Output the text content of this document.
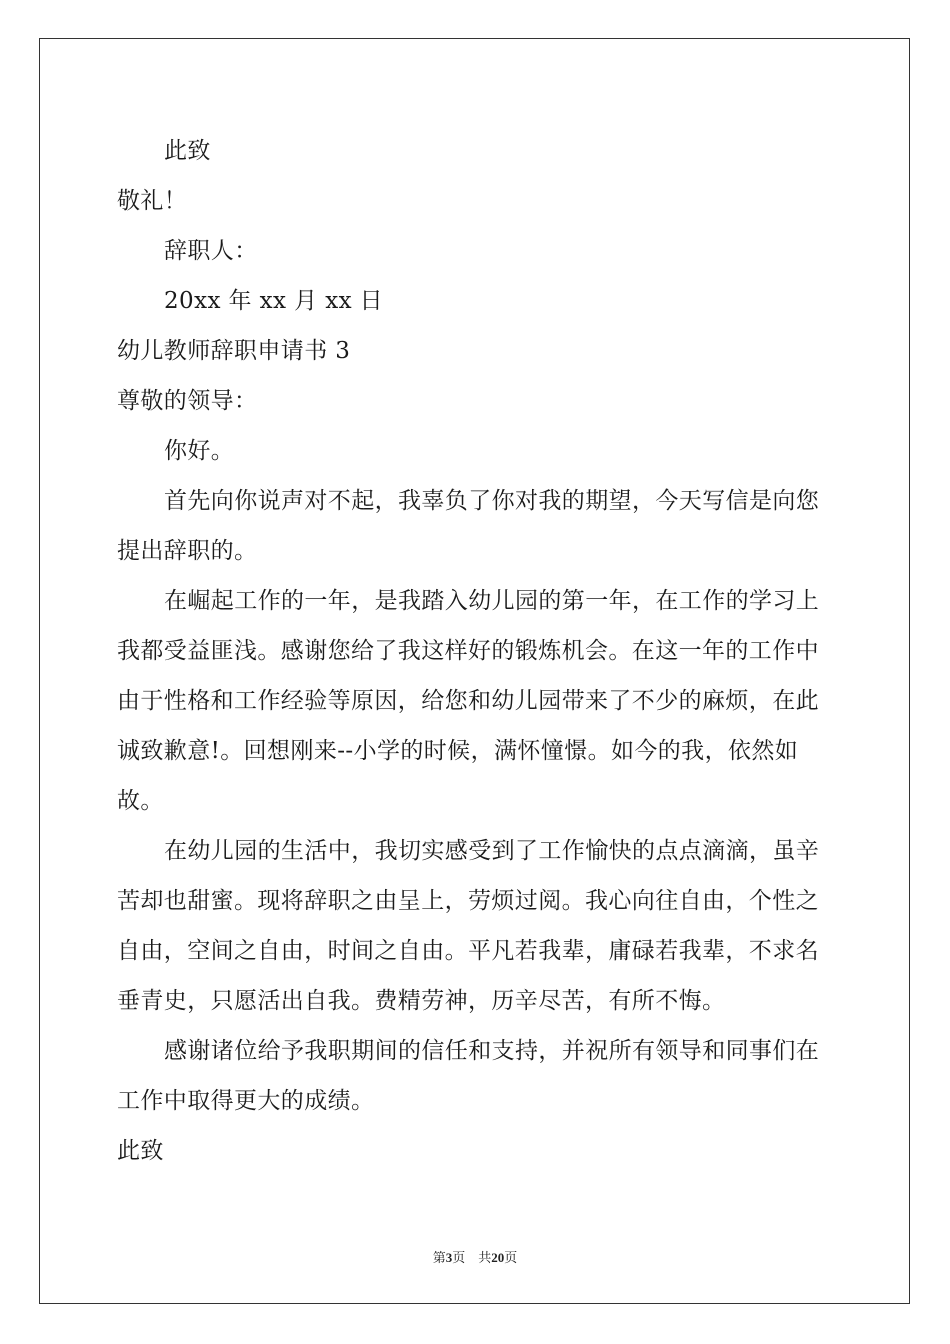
此致
敬礼！
辞职人：
20xx 年 xx 月 xx 日
幼儿教师辞职申请书 3
尊敬的领导：
你好。
首先向你说声对不起，我辜负了你对我的期望，今天写信是向您
提出辞职的。
在崛起工作的一年，是我踏入幼儿园的第一年，在工作的学习上
我都受益匪浅。感谢您给了我这样好的锻炼机会。在这一年的工作中
由于性格和工作经验等原因，给您和幼儿园带来了不少的麻烦，在此
诚致歉意!。回想刚来--小学的时候，满怀憧憬。如今的我，依然如
故。
在幼儿园的生活中，我切实感受到了工作愉快的点点滴滴，虽辛
苦却也甜蜜。现将辞职之由呈上，劳烦过阅。我心向往自由，个性之
自由，空间之自由，时间之自由。平凡若我辈，庸碌若我辈，不求名
垂青史，只愿活出自我。费精劳神，历辛尽苦，有所不悔。
感谢诸位给予我职期间的信任和支持，并祝所有领导和同事们在
工作中取得更大的成绩。
此致
第3页 共20页
